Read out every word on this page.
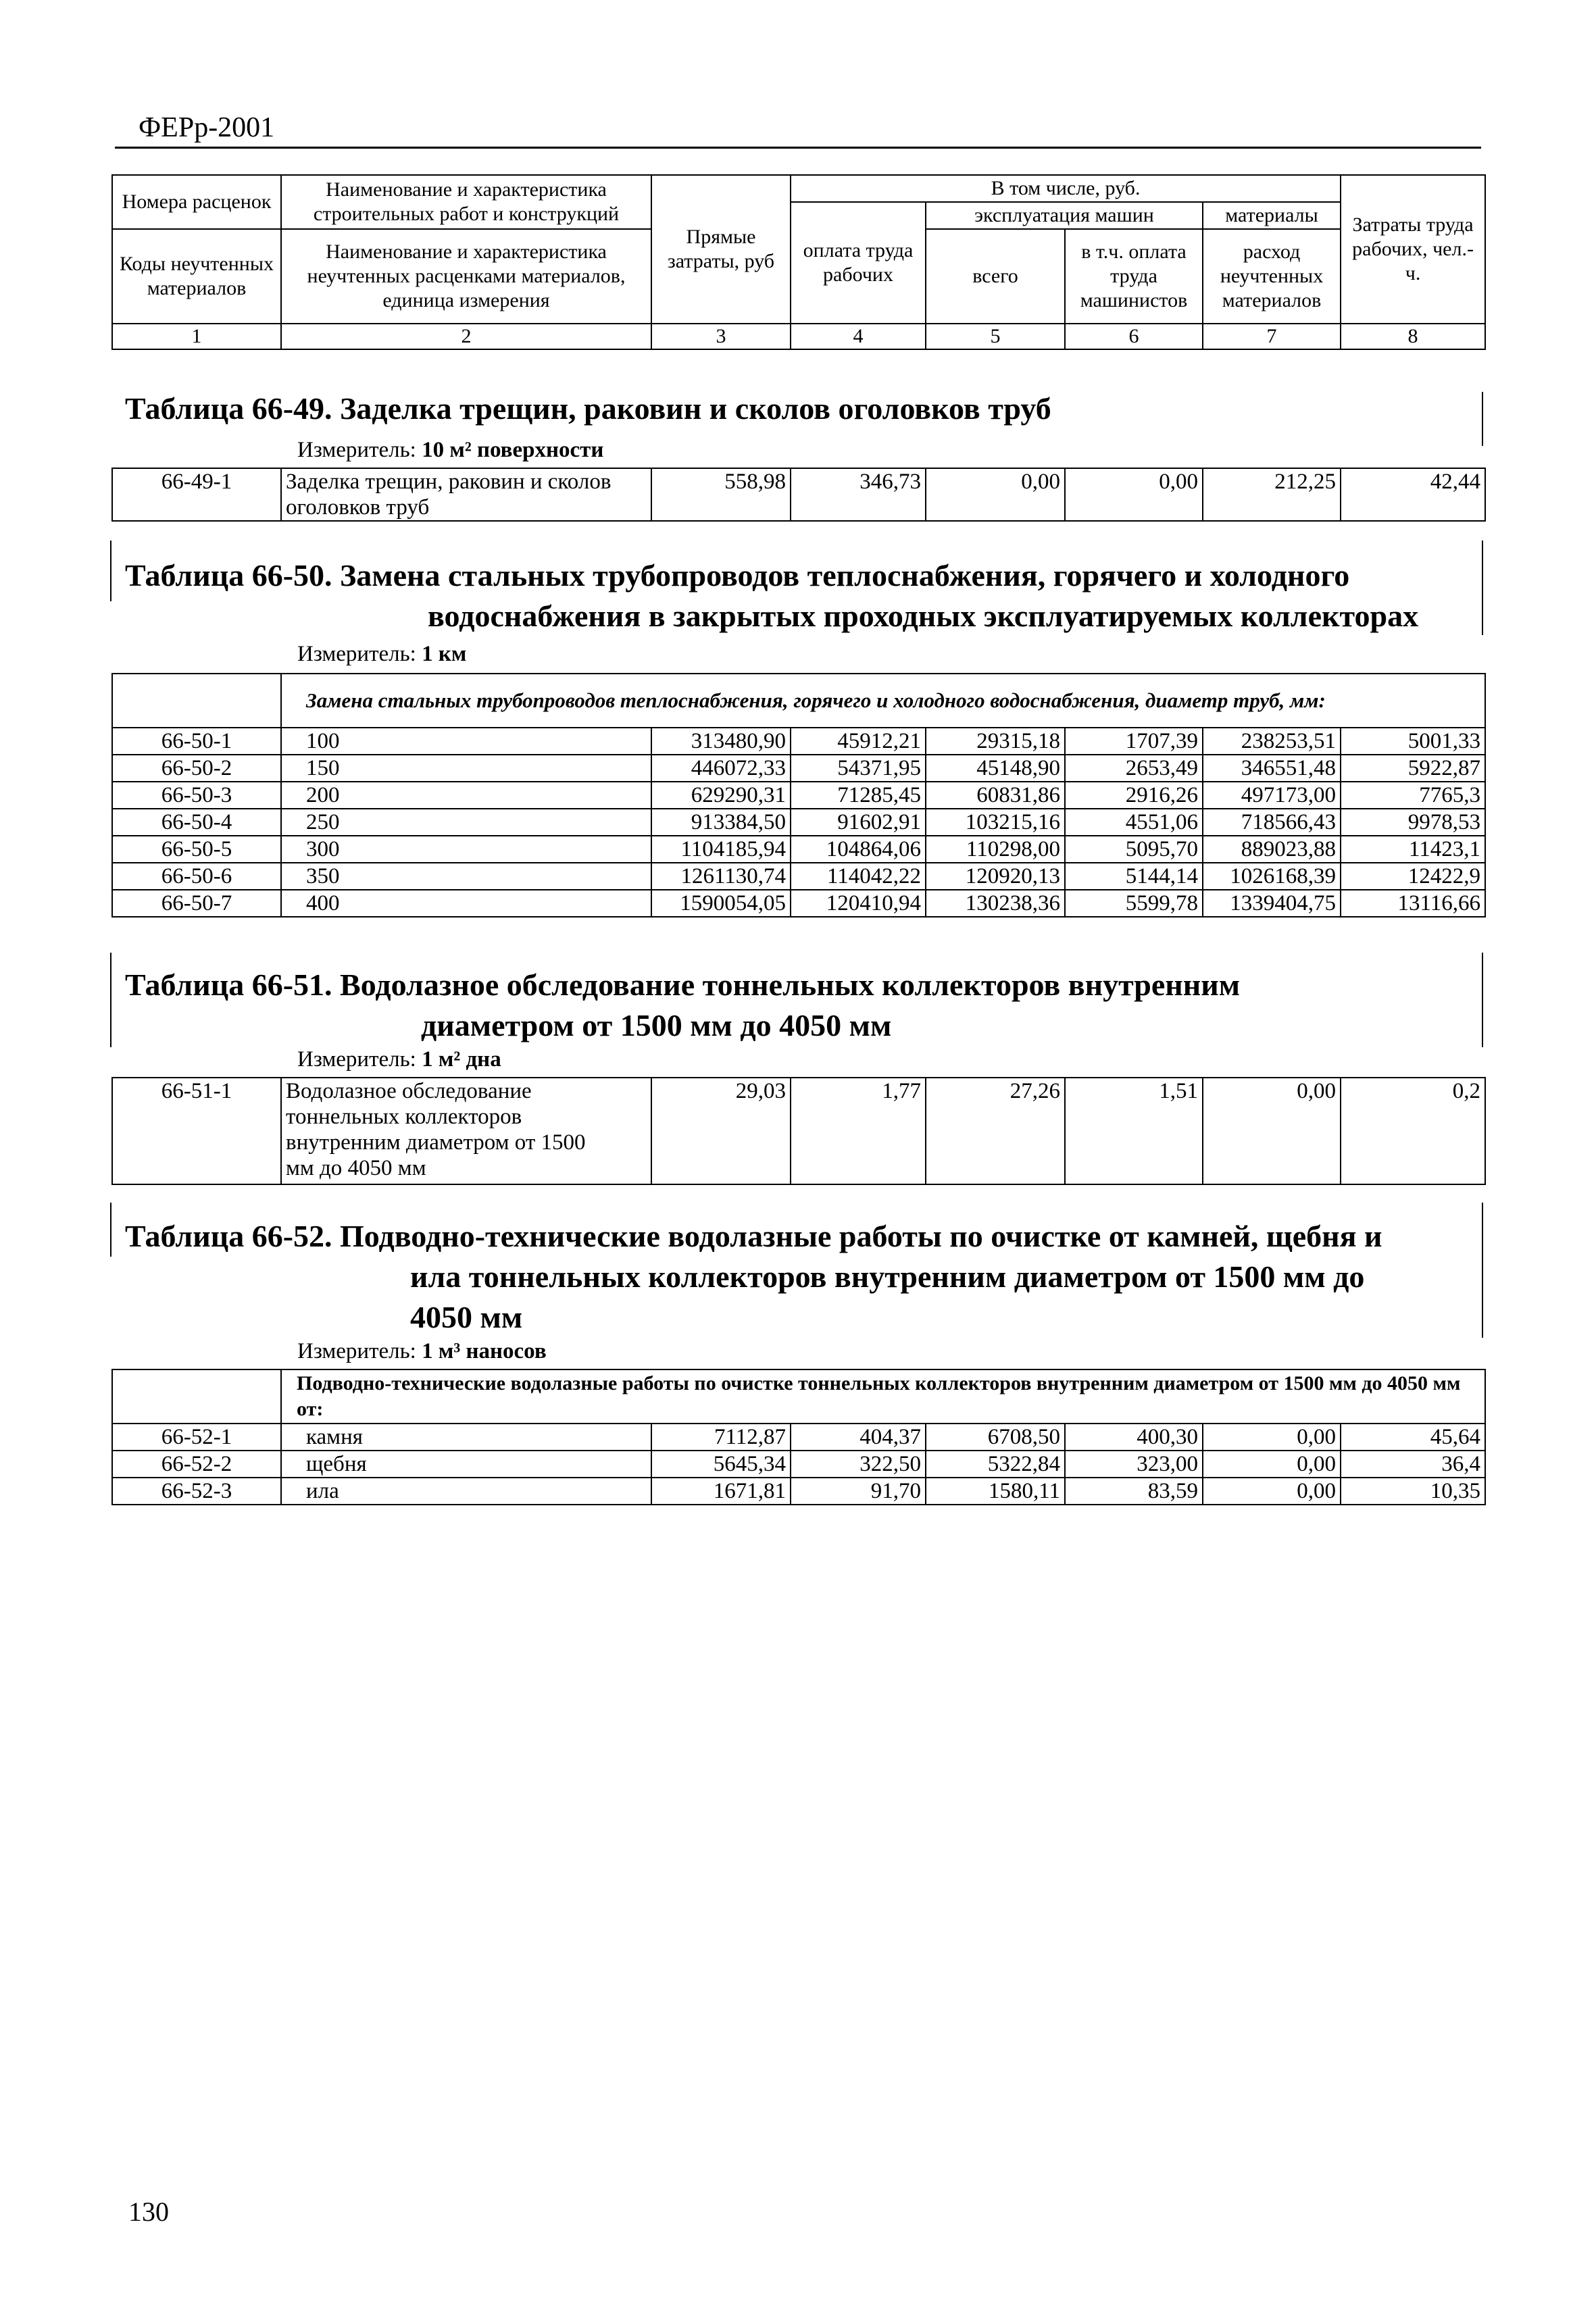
ФЕРр-2001
Номера расценок	Наименование и характеристика строительных работ и конструкций	Прямые затраты, руб	В том числе, руб.				Затраты труда рабочих, чел.-ч.
			оплата труда рабочих	эксплуатация машин		материалы	
Коды неучтенных материалов	Наименование и характеристика неучтенных расценками материалов, единица измерения			всего	в т.ч. оплата труда машинистов	расход неучтенных материалов	

1	2	3	4	5	6	7	8
Таблица 66-49. Заделка трещин, раковин и сколов оголовков труб
Измеритель: 10 м² поверхности
66-49-1	Заделка трещин, раковин и сколов оголовков труб	558,98	346,73	0,00	0,00	212,25	42,44
Таблица 66-50. Замена стальных трубопроводов теплоснабжения, горячего и холодного
водоснабжения в закрытых проходных эксплуатируемых коллекторах
Измеритель: 1 км
	Замена стальных трубопроводов теплоснабжения, горячего и холодного водоснабжения, диаметр труб, мм:						
66-50-1	100	313480,90	45912,21	29315,18	1707,39	238253,51	5001,33
66-50-2	150	446072,33	54371,95	45148,90	2653,49	346551,48	5922,87
66-50-3	200	629290,31	71285,45	60831,86	2916,26	497173,00	7765,3
66-50-4	250	913384,50	91602,91	103215,16	4551,06	718566,43	9978,53
66-50-5	300	1104185,94	104864,06	110298,00	5095,70	889023,88	11423,1
66-50-6	350	1261130,74	114042,22	120920,13	5144,14	1026168,39	12422,9
66-50-7	400	1590054,05	120410,94	130238,36	5599,78	1339404,75	13116,66
Таблица 66-51. Водолазное обследование тоннельных коллекторов внутренним
диаметром от 1500 мм до 4050 мм
Измеритель: 1 м² дна
66-51-1	Водолазное обследование тоннельных коллекторов внутренним диаметром от 1500 мм до 4050 мм	29,03	1,77	27,26	1,51	0,00	0,2
Таблица 66-52. Подводно-технические водолазные работы по очистке от камней, щебня и
ила тоннельных коллекторов внутренним диаметром от 1500 мм до
4050 мм
Измеритель: 1 м³ наносов
	Подводно-технические водолазные работы по очистке тоннельных коллекторов внутренним диаметром от 1500 мм до 4050 мм от:						
66-52-1	камня	7112,87	404,37	6708,50	400,30	0,00	45,64
66-52-2	щебня	5645,34	322,50	5322,84	323,00	0,00	36,4
66-52-3	ила	1671,81	91,70	1580,11	83,59	0,00	10,35
130
